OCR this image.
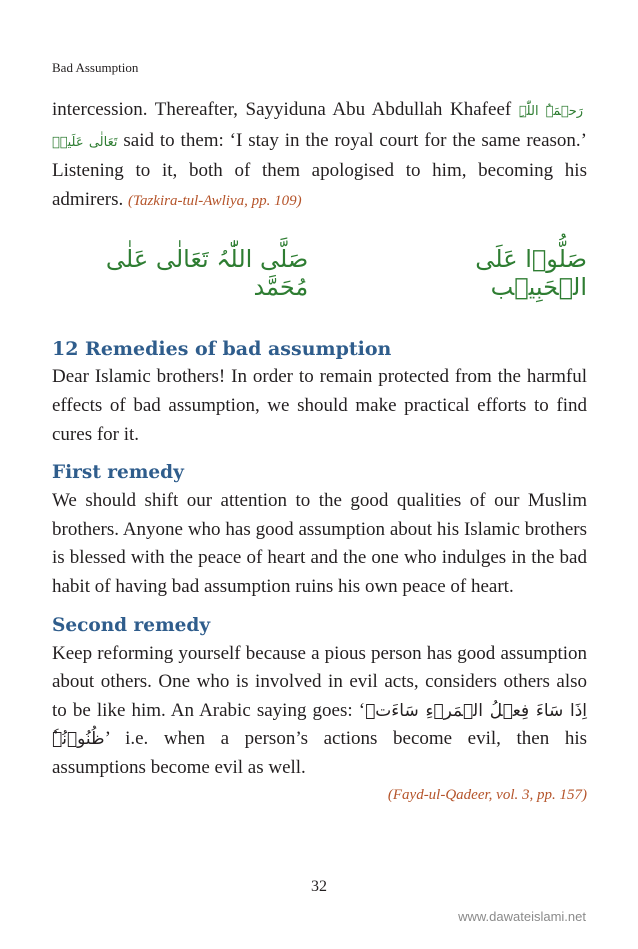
Bad Assumption

intercession. Thereafter, Sayyiduna Abu Abdullah Khafeef رَحۡمَۃُ اللّٰہِ تَعَالٰی عَلَیۡہ said to them: ‘I stay in the royal court for the same reason.’ Listening to it, both of them apologised to him, becoming his admirers. (Tazkira-tul-Awliya, pp. 109)

صَلُّوۡا عَلَی الۡحَبِیۡب
صَلَّی اللّٰہُ تَعَالٰی عَلٰی مُحَمَّد
12 Remedies of bad assumption

Dear Islamic brothers! In order to remain protected from the harmful effects of bad assumption, we should make practical efforts to find cures for it.

First remedy

We should shift our attention to the good qualities of our Muslim brothers. Anyone who has good assumption about his Islamic brothers is blessed with the peace of heart and the one who indulges in the bad habit of having bad assumption ruins his own peace of heart.

Second remedy

Keep reforming yourself because a pious person has good assumption about others. One who is involved in evil acts, considers others also to be like him. An Arabic saying goes: ‘اِذَا سَاءَ فِعۡلُ الۡمَرۡءِ سَاءَتۡ ظُنُوۡنُہٗ’ i.e. when a person’s actions become evil, then his assumptions become evil as well.

(Fayd-ul-Qadeer, vol. 3, pp. 157)
32
www.dawateislami.net
